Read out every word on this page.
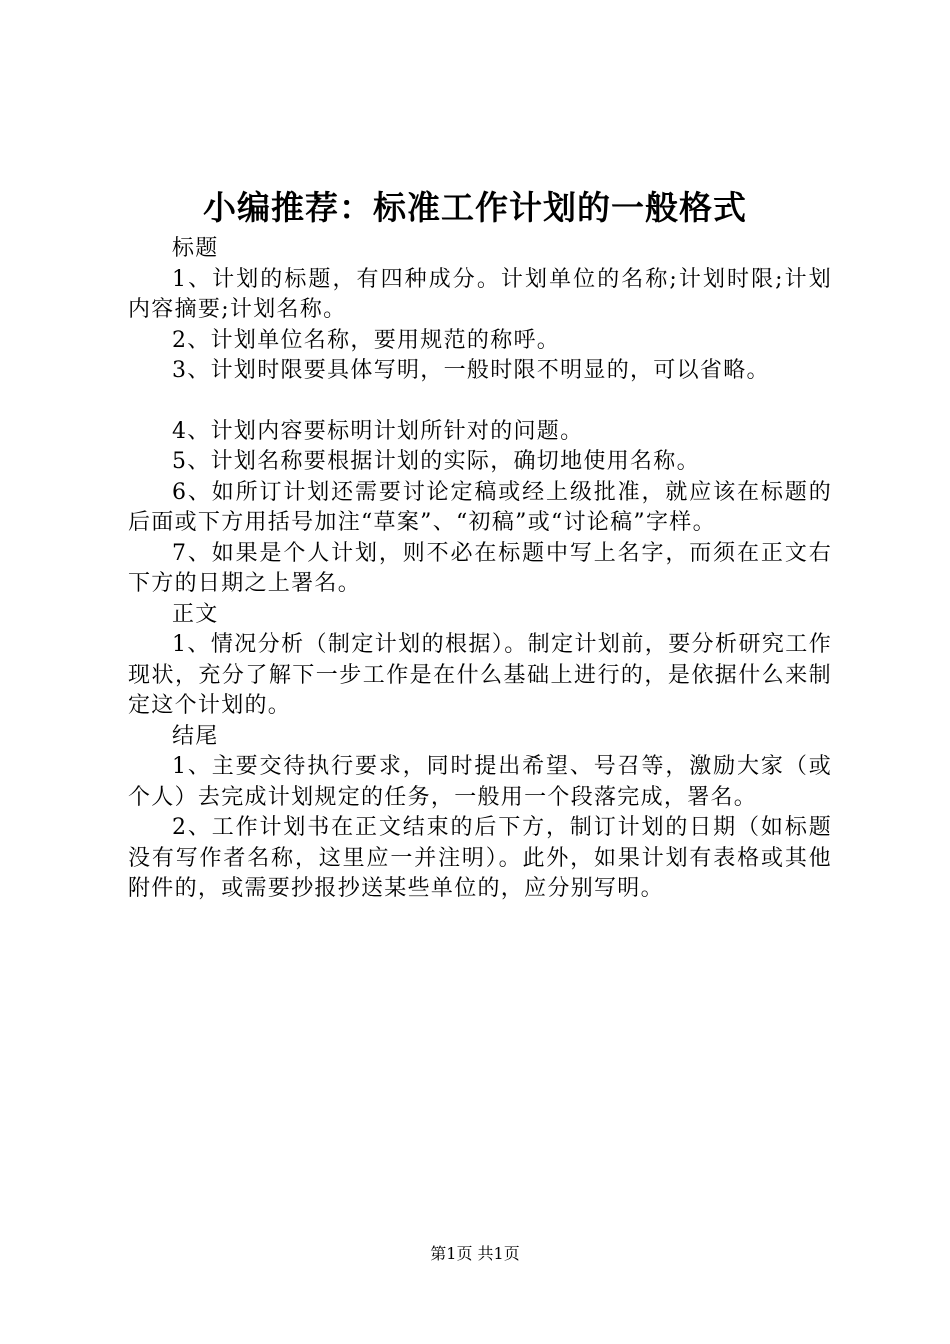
小编推荐：标准工作计划的一般格式

标题

1、计划的标题，有四种成分。计划单位的名称;计划时限;计划内容摘要;计划名称。

2、计划单位名称，要用规范的称呼。

3、计划时限要具体写明，一般时限不明显的，可以省略。

4、计划内容要标明计划所针对的问题。

5、计划名称要根据计划的实际，确切地使用名称。

6、如所订计划还需要讨论定稿或经上级批准，就应该在标题的后面或下方用括号加注“草案”、“初稿”或“讨论稿”字样。

7、如果是个人计划，则不必在标题中写上名字，而须在正文右下方的日期之上署名。

正文

1、情况分析（制定计划的根据）。制定计划前，要分析研究工作现状，充分了解下一步工作是在什么基础上进行的，是依据什么来制定这个计划的。

结尾

1、主要交待执行要求，同时提出希望、号召等，激励大家（或个人）去完成计划规定的任务，一般用一个段落完成，署名。

2、工作计划书在正文结束的后下方，制订计划的日期（如标题没有写作者名称，这里应一并注明）。此外，如果计划有表格或其他附件的，或需要抄报抄送某些单位的，应分别写明。

第1页 共1页
